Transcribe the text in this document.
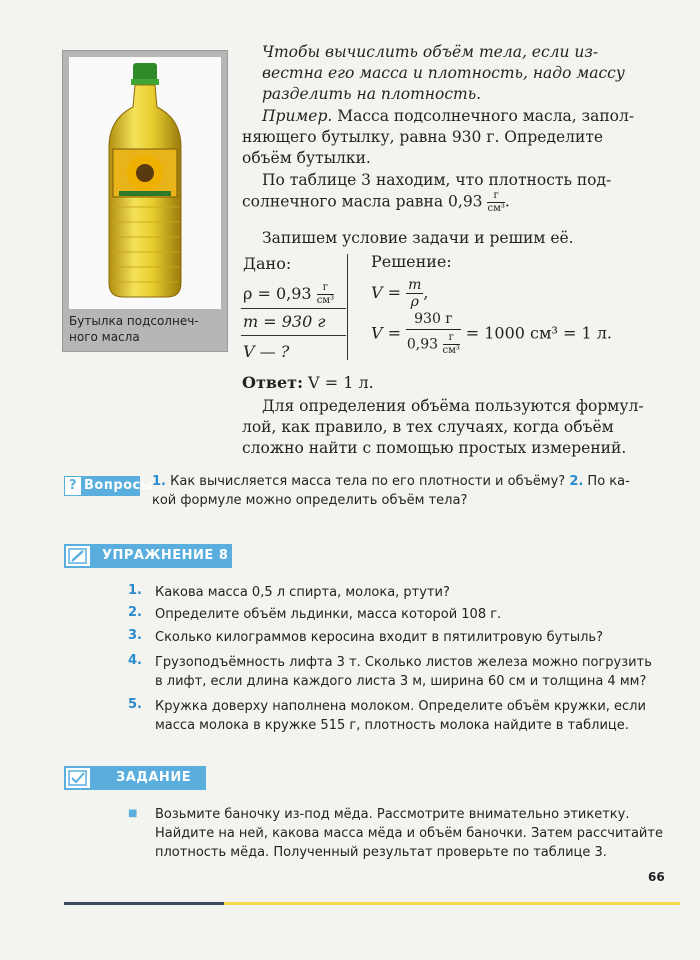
Бутылка подсолнеч-
ного масла
Чтобы вычислить объём тела, если из-
вестна его масса и плотность, надо массу
разделить на плотность.
Пример. Масса подсолнечного масла, запол-
няющего бутылку, равна 930 г. Определите
объём бутылки.
По таблице 3 находим, что плотность под-
солнечного масла равна $0,93 \frac{г}{\text{см³}}$ .
Запишем условие задачи и решим её.
Дано:
$\rho = 0,93 \frac{г}{\text{см³}}$
m = 930 г
V — ?
Решение:
$V = \frac{m}{\rho}$ ,
$V = \frac{930 г}{0,93 \frac{г}{\text{см³}}} = 1000$ см³ = 1 л.
Ответ: V = 1 л.
Для определения объёма пользуются формул-
лой, как правило, в тех случаях, когда объём
сложно найти с помощью простых измерений.
? Вопросы
1. Как вычисляется масса тела по его плотности и объёму? 2. По ка-
кой формуле можно определить объём тела?
УПРАЖНЕНИЕ 8
1. Какова масса 0,5 л спирта, молока, ртути?
2. Определите объём льдинки, масса которой 108 г.
3. Сколько килограммов керосина входит в пятилитровую бутыль?
4. Грузоподъёмность лифта 3 т. Сколько листов железа можно погрузить
в лифт, если длина каждого листа 3 м, ширина 60 см и толщина 4 мм?
5. Кружка доверху наполнена молоком. Определите объём кружки, если
масса молока в кружке 515 г, плотность молока найдите в таблице.
ЗАДАНИЕ
■ Возьмите баночку из-под мёда. Рассмотрите внимательно этикетку.
Найдите на ней, какова масса мёда и объём баночки. Затем рассчитайте
плотность мёда. Полученный результат проверьте по таблице 3.
66
